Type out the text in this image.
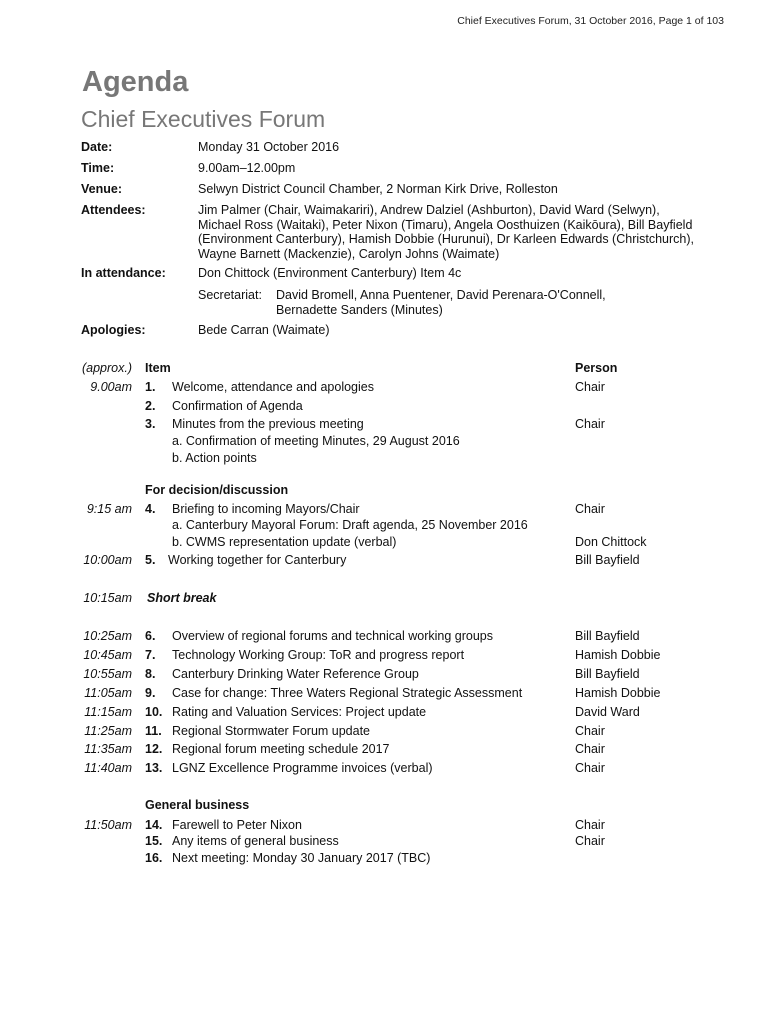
Chief Executives Forum, 31 October 2016, Page 1 of 103
Agenda
Chief Executives Forum
Date:	Monday 31 October 2016
Time:	9.00am–12.00pm
Venue:	Selwyn District Council Chamber, 2 Norman Kirk Drive, Rolleston
Attendees:	Jim Palmer (Chair, Waimakariri), Andrew Dalziel (Ashburton), David Ward (Selwyn),
Michael Ross (Waitaki), Peter Nixon (Timaru), Angela Oosthuizen (Kaikōura), Bill Bayfield
(Environment Canterbury), Hamish Dobbie (Hurunui), Dr Karleen Edwards (Christchurch),
Wayne Barnett (Mackenzie), Carolyn Johns (Waimate)
In attendance:	Don Chittock (Environment Canterbury) Item 4c
Secretariat: David Bromell, Anna Puentener, David Perenara-O'Connell,
Bernadette Sanders (Minutes)
Apologies:	Bede Carran (Waimate)
(approx.) Item	Person
9.00am 1. Welcome, attendance and apologies	Chair
2. Confirmation of Agenda
3. Minutes from the previous meeting	Chair
a. Confirmation of meeting Minutes, 29 August 2016
b. Action points
For decision/discussion
9:15 am 4. Briefing to incoming Mayors/Chair	Chair
a. Canterbury Mayoral Forum: Draft agenda, 25 November 2016
b. CWMS representation update (verbal)	Don Chittock
10:00am 5. Working together for Canterbury	Bill Bayfield
10:15am Short break
10:25am 6. Overview of regional forums and technical working groups	Bill Bayfield
10:45am 7. Technology Working Group: ToR and progress report	Hamish Dobbie
10:55am 8. Canterbury Drinking Water Reference Group	Bill Bayfield
11:05am 9. Case for change: Three Waters Regional Strategic Assessment	Hamish Dobbie
11:15am 10. Rating and Valuation Services: Project update	David Ward
11:25am 11. Regional Stormwater Forum update	Chair
11:35am 12. Regional forum meeting schedule 2017	Chair
11:40am 13. LGNZ Excellence Programme invoices (verbal)	Chair
General business
11:50am 14. Farewell to Peter Nixon	Chair
15. Any items of general business	Chair
16. Next meeting: Monday 30 January 2017 (TBC)
